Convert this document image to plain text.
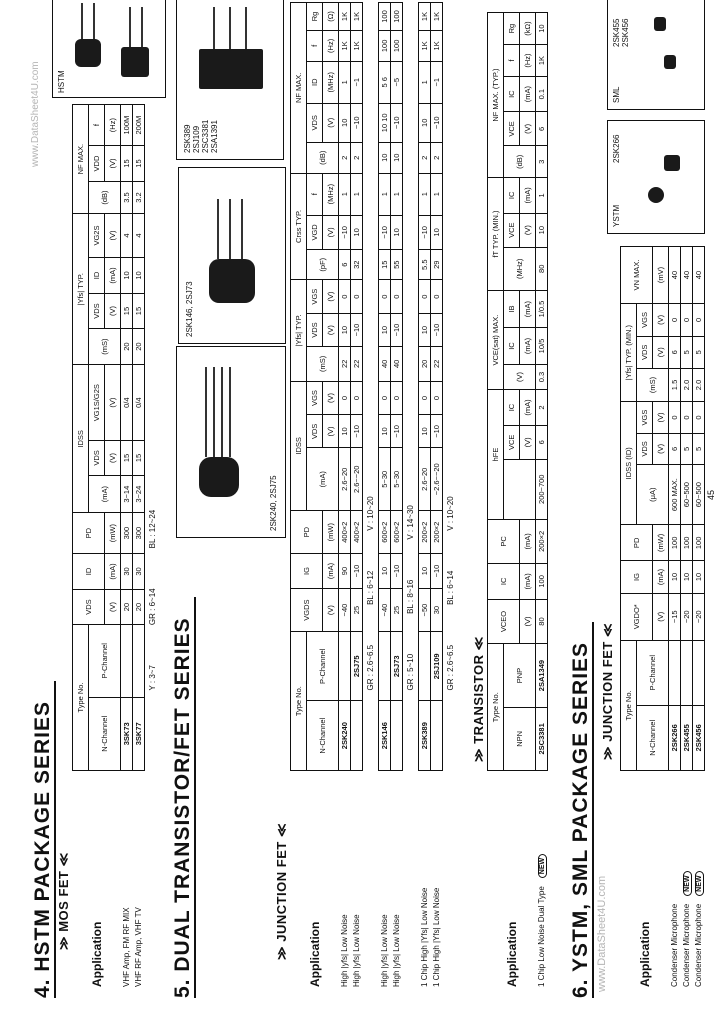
www.DataSheet4U.com
www.DataSheet4U.com
4. HSTM PACKAGE SERIES ≫ MOS FET ≪
Application	Type No.		VDS	ID	PD	IDSS			|Yfs| TYP.				NF MAX.		
	N-Channel	P-Channel				(mA)	VDS	VG1S/G2S	(mS)	VDS	ID	VG2S	(dB)	VDD	f
			(V)	(mA)	(mW)		(V)	(V)		(V)	(mA)	(V)		(V)	(Hz)
VHF Amp, FM RF MIX	3SK73		20	30	300	3~14	15	0/4	20	15	10	4	3.5	15	100M
VHF RF Amp, VHF TV	3SK77		20	30	300	3~24	15	0/4	20	15	10	4	3.2	15	200M
	Y : 3~7GR : 6~14BL : 12~24														
HSTM
2SK240, 2SJ75
2SK146, 2SJ73
2SK389
2SJ109
2SC3381
2SA1391
5. DUAL TRANSISTOR/FET SERIES	≫ JUNCTION FET ≪ Application	Type No.		VGDS	IG	PD	IDSS			|Yfs| TYP.			Crss TYP.			NF MAX.				
	N-Channel	P-Channel				(mA)	VDS	VGS	(mS)	VDS	VGS	(pF)	VGD	f	(dB)	VDS	ID	f	Rg
			(V)	(mA)	(mW)		(V)	(V)		(V)	(V)		(V)	(MHz)		(V)	(MHz)	(Hz)	(Ω)
High |yfs| Low Noise	2SK240		−40	90	400×2	2.6~20	10	0	22	10	0	6	−10	1	2	10	1	1K	1K
High |yfs| Low Noise		2SJ75	25	−10	400×2	2.6~−20	−10	0	22	−10	0	32	10	1	2	−10	−1	1K	1K
	GR : 2.6~6.5BL : 6~12V : 10~20																		
High |yfs| Low Noise	2SK146		−40	10	600×2	5~30	10	0	40	10	0	15	−10	1	10	10 10	5 6	100	100
High |yfs| Low Noise		2SJ73	25	−10	600×2	5~30	−10	0	40	−10	0	55	10	1	10	−10	−5	100	100
	GR : 5~10BL : 8~16V : 14~30																		
1 Chip High |Yfs| Low Noise	2SK389		−50	10	200×2	2.6~20	10	0	20	10	0	5.5	−10	1	2	10	1	1K	1K
1 Chip High |Yfs| Low Noise		2SJ109	30	−10	200×2	−2.6~−20	−10	0	22	−10	0	29	10	1	2	−10	−1	1K	1K
	GR : 2.6~6.5BL : 6~14V : 10~20																		
≫ TRANSISTOR ≪
Application	Type No.		VCEO	IC	PC	hFE			VCE(sat) MAX.			fT TYP. (MIN.)			NF MAX. (TYP.)				
	NPN	PNP					VCE	IC	(V)	IC	IB	(MHz)	VCE	IC	(dB)	VCE	IC	f	Rg
			(V)	(mA)	(mA)		(V)	(mA)		(mA)	(mA)		(V)	(mA)		(V)	(mA)	(Hz)	(kΩ)
1 Chip Low Noise Dual TypeNEW	2SC3381	2SA1349	80	100	200×2	200~700	6	2	0.3	10/5	1/0.5	80	10	1	3	6	0.1	1K	10
6. YSTM, SML PACKAGE SERIES ≫ JUNCTION FET ≪
Application	Type No.		VGDO*	IG	PD	IDSS (ID)			|Yfs| TYP. (MIN.)			VN MAX.
	N-Channel	P-Channel				(μA)	VDS	VGS	(mS)	VDS	VGS	
			(V)	(mA)	(mW)		(V)	(V)		(V)	(V)	(mV)
Condenser Microphone	2SK266		−15	10	100	600 MAX.	6	0	1.5	6	0	40
Condenser MicrophoneNEW	2SK455		−20	10	100	60~500	5	0	2.0	5	0	40
Condenser MicrophoneNEW	2SK456		−20	10	100	60~500	5	0	2.0	5	0	40
YSTM
2SK266
SML
2SK455
2SK456
45
